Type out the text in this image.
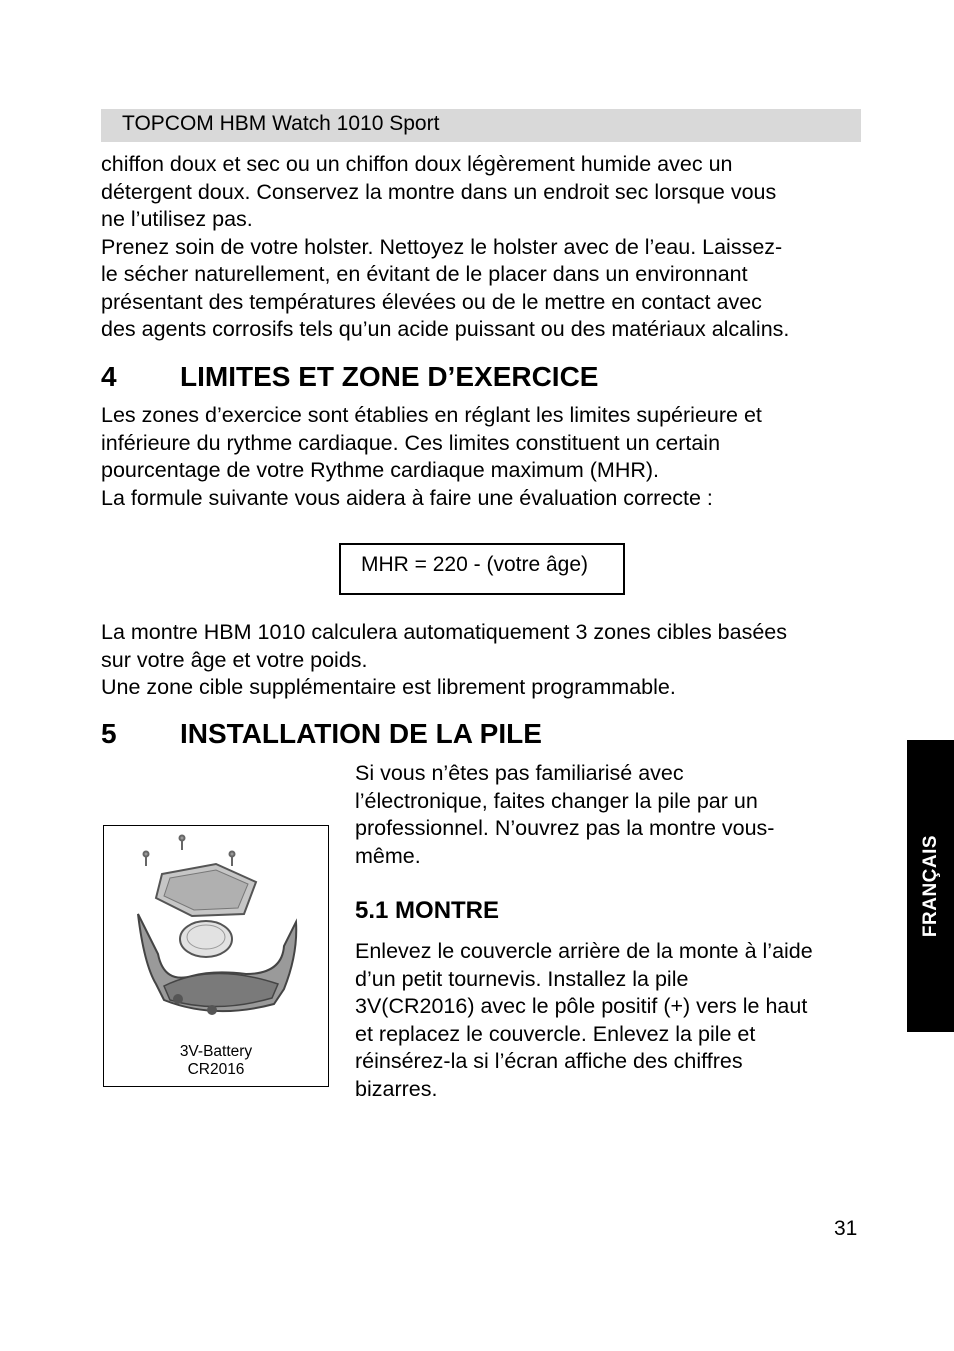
TOPCOM HBM Watch 1010 Sport
chiffon doux et sec ou un chiffon doux légèrement humide avec un
détergent doux. Conservez la montre dans un endroit sec lorsque vous
ne l’utilisez pas.
Prenez soin de votre holster. Nettoyez le holster avec de l’eau. Laissez-
le sécher naturellement, en évitant de le placer dans un environnant
présentant des températures élevées ou de le mettre en contact avec
des agents corrosifs tels qu’un acide puissant ou des matériaux alcalins.
4 LIMITES ET ZONE D’EXERCICE
Les zones d’exercice sont établies en réglant les limites supérieure et
inférieure du rythme cardiaque. Ces limites constituent un certain
pourcentage de votre Rythme cardiaque maximum (MHR).
La formule suivante vous aidera à faire une évaluation correcte :
MHR = 220 - (votre âge)
La montre HBM 1010 calculera automatiquement 3 zones cibles basées
sur votre âge et votre poids.
Une zone cible supplémentaire est librement programmable.
5 INSTALLATION DE LA PILE
3V-Battery
CR2016
Si vous n’êtes pas familiarisé avec
l’électronique, faites changer la pile par un
professionnel. N’ouvrez pas la montre vous-
même.
5.1 MONTRE
Enlevez le couvercle arrière de la monte à l’aide
d’un petit tournevis. Installez la pile
3V(CR2016) avec le pôle positif (+) vers le haut
et replacez le couvercle. Enlevez la pile et
réinsérez-la si l’écran affiche des chiffres
bizarres.
FRANÇAIS
31
